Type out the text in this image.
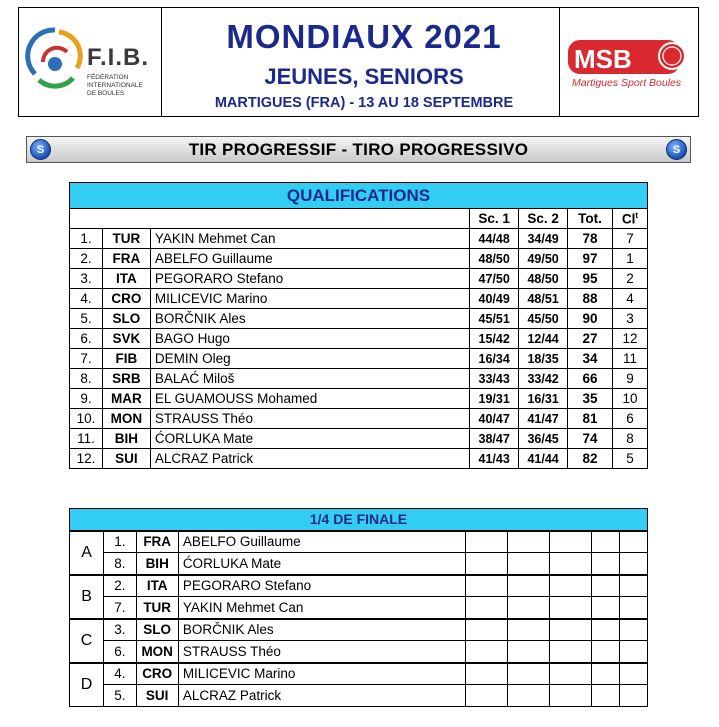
F.I.B.
FÉDÉRATION
INTERNATIONALE
DE BOULES
MONDIAUX 2021
JEUNES, SENIORS
MARTIGUES (FRA) - 13 AU 18 SEPTEMBRE
MSB
Martigues Sport Boules
S	TIR PROGRESSIF - TIRO PROGRESSIVO	S
QUALIFICATIONS						
			Sc. 1	Sc. 2	Tot.	Cl$^t$
1.	TUR	YAKIN Mehmet Can	44/48	34/49	78	7
2.	FRA	ABELFO Guillaume	48/50	49/50	97	1
3.	ITA	PEGORARO Stefano	47/50	48/50	95	2
4.	CRO	MILICEVIC Marino	40/49	48/51	88	4
5.	SLO	BORČNIK Ales	45/51	45/50	90	3
6.	SVK	BAGO Hugo	15/42	12/44	27	12
7.	FIB	DEMIN Oleg	16/34	18/35	34	11
8.	SRB	BALAĆ Miloš	33/43	33/42	66	9
9.	MAR	EL GUAMOUSS Mohamed	19/31	16/31	35	10
10.	MON	STRAUSS Théo	40/47	41/47	81	6
11.	BIH	ĆORLUKA Mate	38/47	36/45	74	8
12.	SUI	ALCRAZ Patrick	41/43	41/44	82	5
1/4 DE FINALE								
A	1.	FRA	ABELFO Guillaume					
	8.	BIH	ĆORLUKA Mate					
B	2.	ITA	PEGORARO Stefano					
	7.	TUR	YAKIN Mehmet Can					
C	3.	SLO	BORČNIK Ales					
	6.	MON	STRAUSS Théo					
D	4.	CRO	MILICEVIC Marino					
	5.	SUI	ALCRAZ Patrick					
